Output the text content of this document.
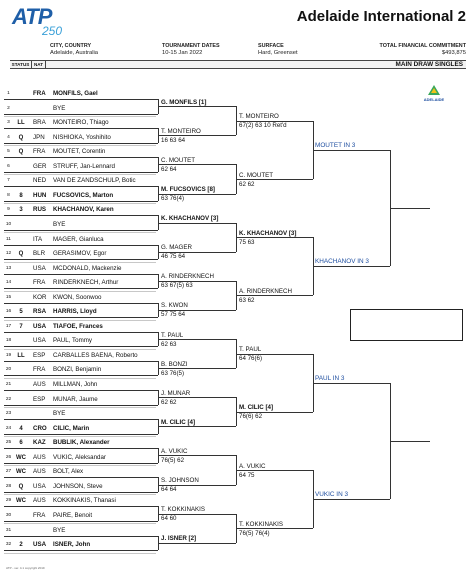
ATP
250
Adelaide International 2
CITY, COUNTRY
Adelaide, Australia
TOURNAMENT DATES
10-15 Jan 2022
SURFACE
Hard, Greenset
TOTAL FINANCIAL COMMITMENT
$493,875
STATUS NAT	MAIN DRAW SINGLES
ADELAIDE
1	FRA MONFILS, Gael
2	BYE
3	LL	BRA MONTEIRO, Thiago
4	Q	JPN NISHIOKA, Yoshihito
5	Q	FRA MOUTET, Corentin
6	GER STRUFF, Jan-Lennard
7	NED VAN DE ZANDSCHULP, Botic
8	8	HUN FUCSOVICS, Marton
9	3	RUS KHACHANOV, Karen
10	BYE
11	ITA MAGER, Gianluca
12	Q	BLR GERASIMOV, Egor
13	USA MCDONALD, Mackenzie
14	FRA RINDERKNECH, Arthur
15	KOR KWON, Soonwoo
16	5	RSA HARRIS, Lloyd
17	7	USA TIAFOE, Frances
18	USA PAUL, Tommy
19	LL	ESP CARBALLES BAENA, Roberto
20	FRA BONZI, Benjamin
21	AUS MILLMAN, John
22	ESP MUNAR, Jaume
23	BYE
24	4	CRO CILIC, Marin
25	6	KAZ BUBLIK, Alexander
26 WC	AUS VUKIC, Aleksandar
27 WC	AUS BOLT, Alex
28	Q	USA JOHNSON, Steve
29 WC	AUS KOKKINAKIS, Thanasi
30	FRA PAIRE, Benoit
31	BYE
32	2	USA ISNER, John
G. MONFILS [1]
T. MONTEIRO
16 63 64
C. MOUTET
62 64
M. FUCSOVICS [8]
63 76(4)
K. KHACHANOV [3]
G. MAGER
46 75 64
A. RINDERKNECH
63 67(5) 63
S. KWON
57 75 64
T. PAUL
62 63
B. BONZI
63 76(5)
J. MUNAR
62 62
M. CILIC [4]
A. VUKIC
76(5) 62
S. JOHNSON
64 64
T. KOKKINAKIS
64 60
J. ISNER [2]
T. MONTEIRO
67(2) 63 10 Ret'd
C. MOUTET
62 62
K. KHACHANOV [3]
75 63
A. RINDERKNECH
63 62
T. PAUL
64 76(6)
M. CILIC [4]
76(6) 62
A. VUKIC
64 75
T. KOKKINAKIS
76(5) 76(4)
MOUTET IN 3
KHACHANOV IN 3
PAUL IN 3
VUKIC IN 3
ATP - ver. 4.1 copyright 2019
